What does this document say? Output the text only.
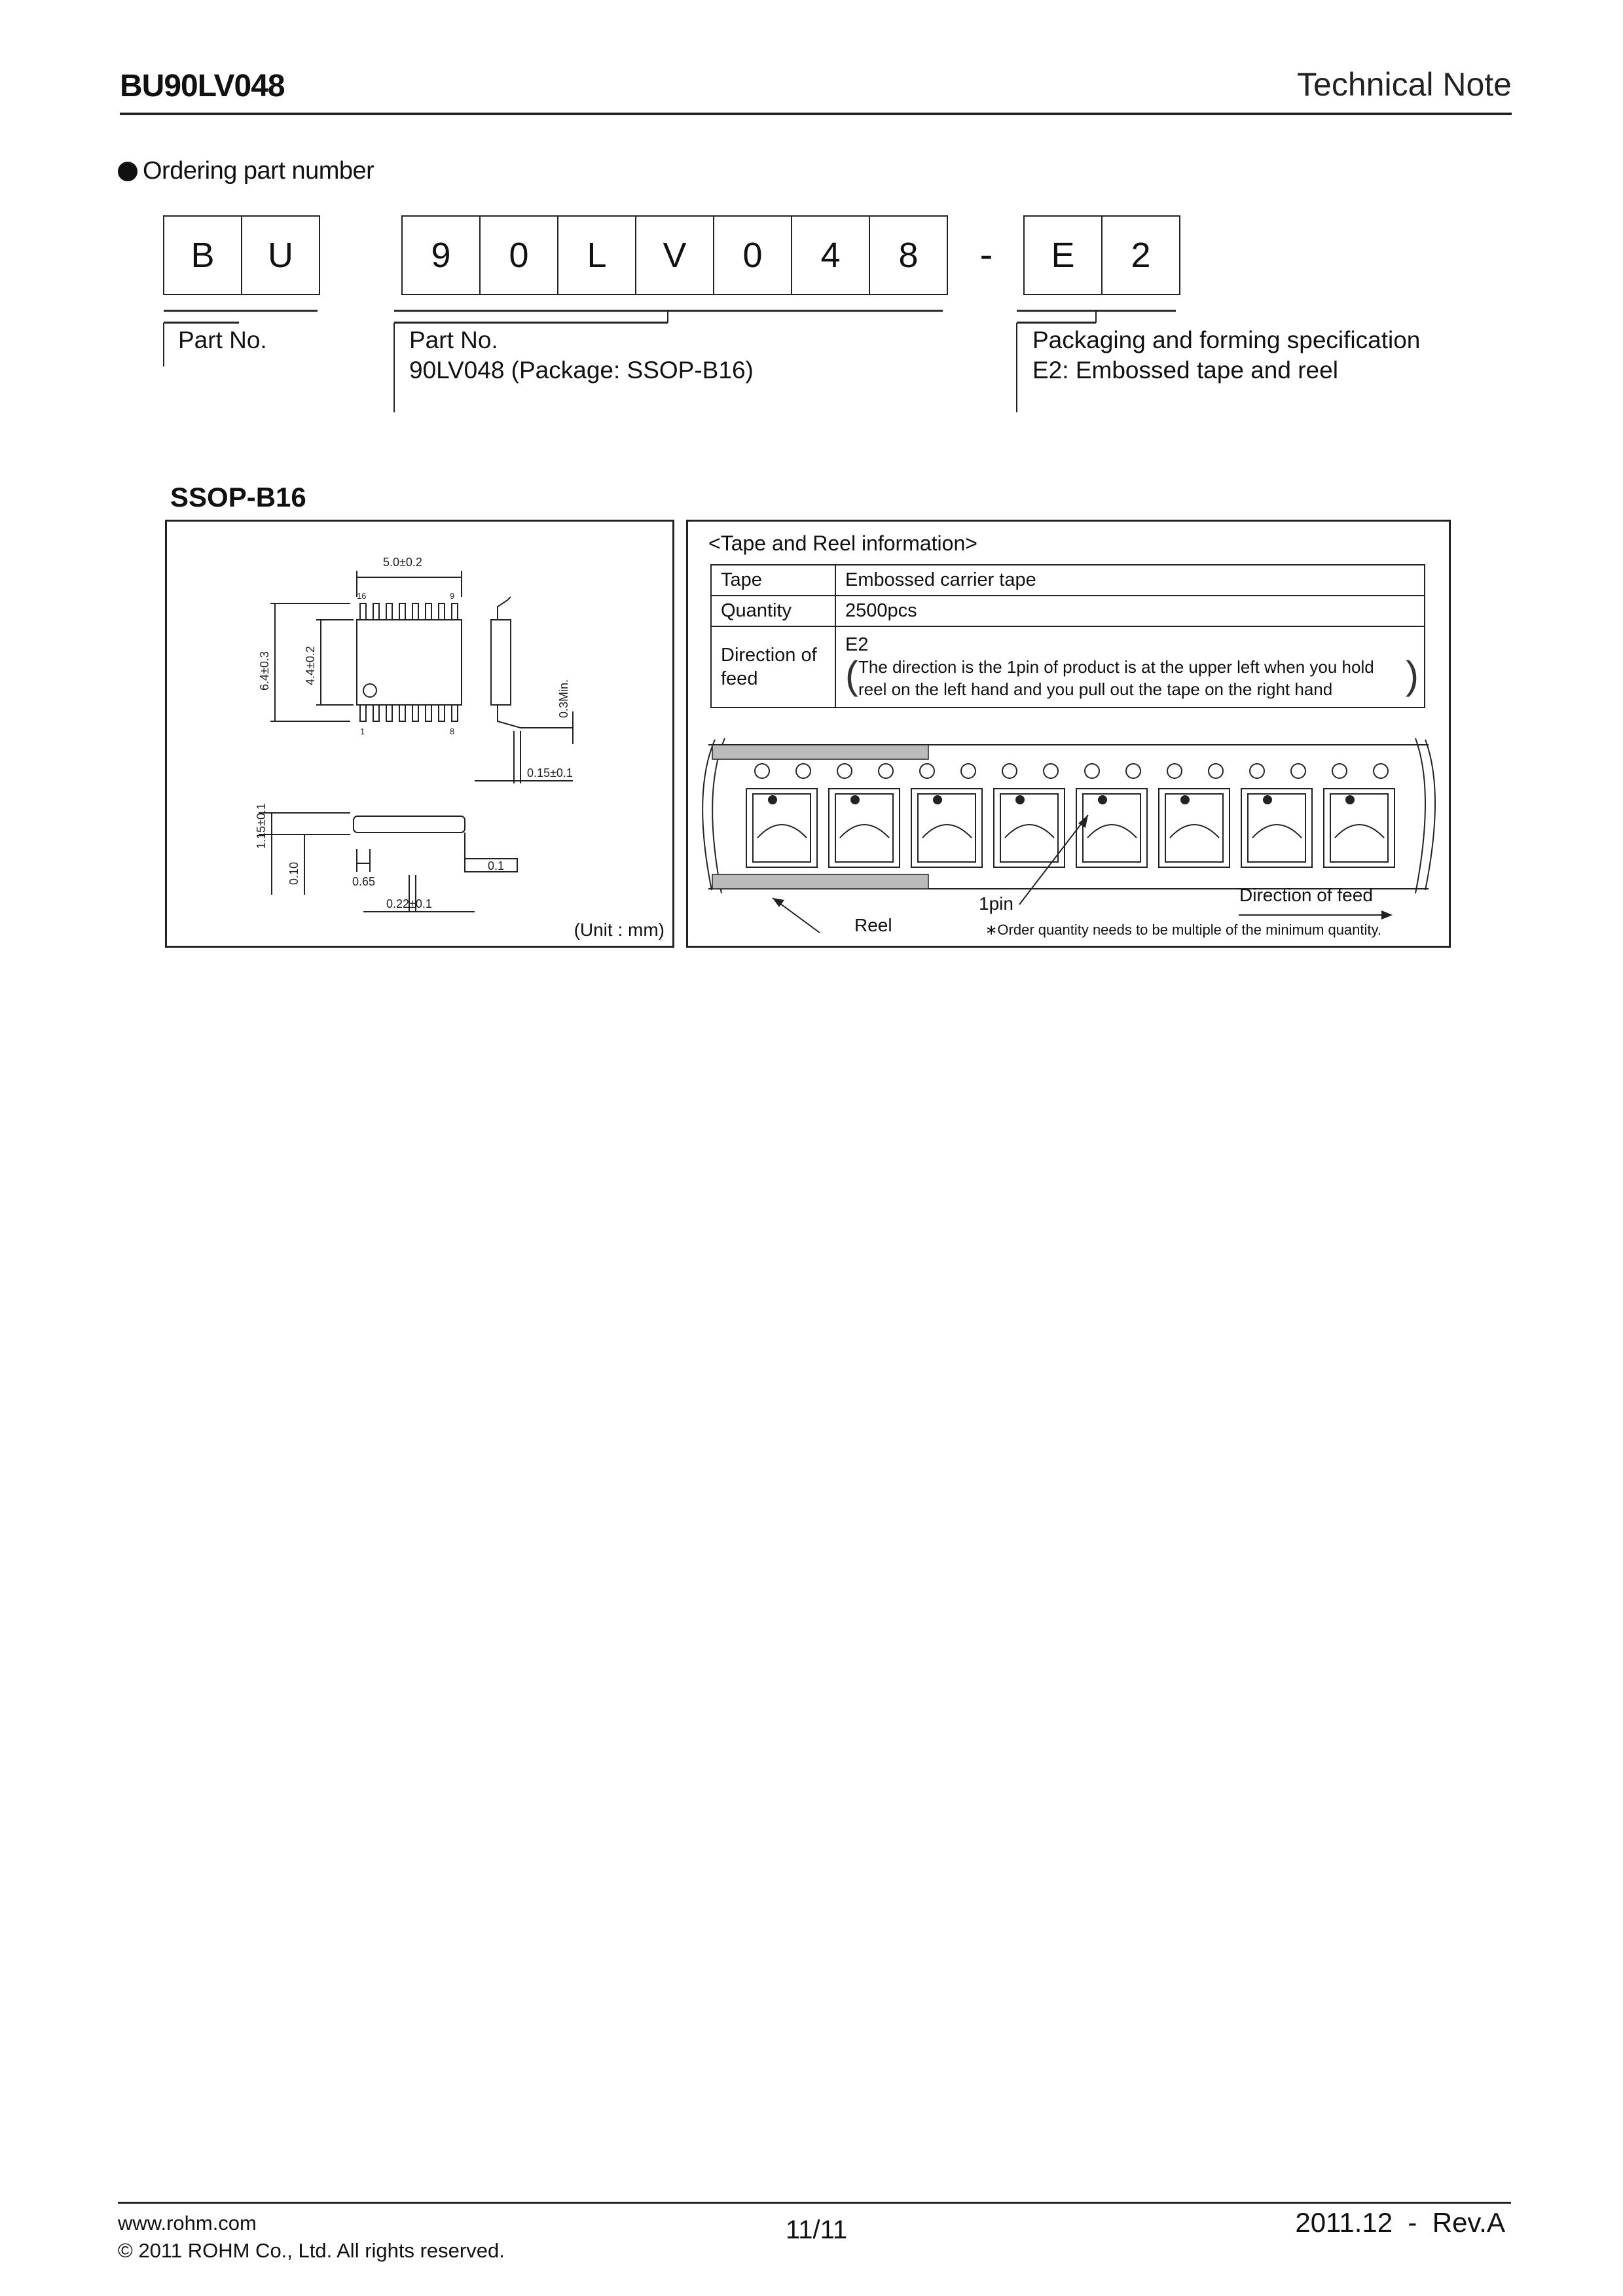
BU90LV048	Technical Note
Ordering part number
B	U	9	0	L	V	0	4	8	-	E	2
Part No.	Part No.
90LV048 (Package: SSOP-B16)
Packaging and forming specification
E2: Embossed tape and reel
SSOP-B16
5.0±0.2
16	9
1	8
6.4±0.3	4.4±0.2
0.3Min.
0.15±0.1
1.15±0.1
0.10	0.65
0.22±0.1
0.1
(Unit : mm)
<Tape and Reel information>
Tape	Embossed carrier tape
Quantity	2500pcs
Direction of feed	E2
( The direction is the 1pin of product is at the upper left when you hold
reel on the left hand and you pull out the tape on the right hand )
Reel
1pin	Direction of feed
∗Order quantity needs to be multiple of the minimum quantity.
www.rohm.com
© 2011 ROHM Co., Ltd. All rights reserved.
11/11	2011.12  -  Rev.A
